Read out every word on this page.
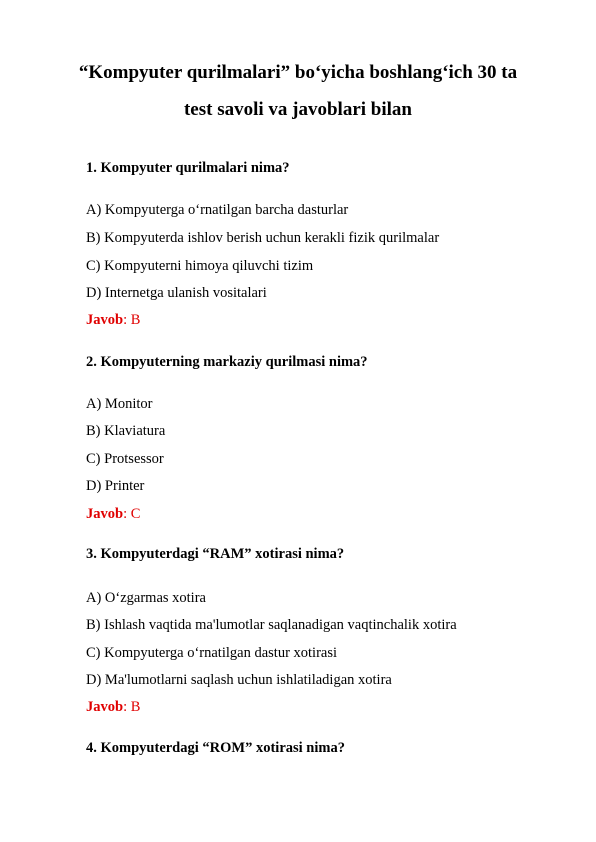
“Kompyuter qurilmalari” bo‘yicha boshlang‘ich 30 ta
test savoli va javoblari bilan
1. Kompyuter qurilmalari nima?
A) Kompyuterga o‘rnatilgan barcha dasturlar
B) Kompyuterda ishlov berish uchun kerakli fizik qurilmalar
C) Kompyuterni himoya qiluvchi tizim
D) Internetga ulanish vositalari
Javob: B
2. Kompyuterning markaziy qurilmasi nima?
A) Monitor
B) Klaviatura
C) Protsessor
D) Printer
Javob: C
3. Kompyuterdagi “RAM” xotirasi nima?
A) O‘zgarmas xotira
B) Ishlash vaqtida ma'lumotlar saqlanadigan vaqtinchalik xotira
C) Kompyuterga o‘rnatilgan dastur xotirasi
D) Ma'lumotlarni saqlash uchun ishlatiladigan xotira
Javob: B
4. Kompyuterdagi “ROM” xotirasi nima?
